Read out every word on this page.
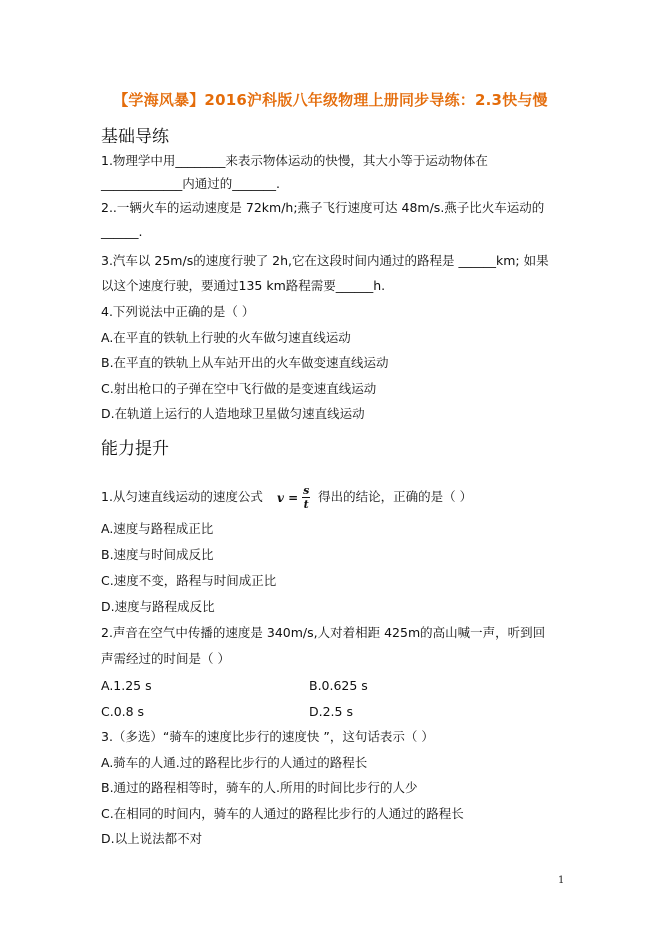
【学海风暴】2016沪科版八年级物理上册同步导练：2.3快与慢
基础导练
1.物理学中用________来表示物体运动的快慢，其大小等于运动物体在
_____________内通过的_______.
2..一辆火车的运动速度是 72km/h;燕子飞行速度可达 48m/s.燕子比火车运动的
______.
3.汽车以 25m/s的速度行驶了 2h,它在这段时间内通过的路程是 ______km; 如果
以这个速度行驶，要通过135 km路程需要______h.
4.下列说法中正确的是（ ）
A.在平直的铁轨上行驶的火车做匀速直线运动
B.在平直的铁轨上从车站开出的火车做变速直线运动
C.射出枪口的子弹在空中飞行做的是变速直线运动
D.在轨道上运行的人造地球卫星做匀速直线运动
能力提升
1.从匀速直线运动的速度公式 v
= $\frac{s}{t}$ 得出的结论，正确的是（ ）
A.速度与路程成正比
B.速度与时间成反比
C.速度不变，路程与时间成正比
D.速度与路程成反比
2.声音在空气中传播的速度是 340m/s,人对着相距 425m的高山喊一声，听到回
声需经过的时间是（ ）
A.1.25 s	B.0.625 s
C.0.8 s	D.2.5 s
3.（多选）“骑车的速度比步行的速度快 ”，这句话表示（ ）
A.骑车的人通.过的路程比步行的人通过的路程长
B.通过的路程相等时，骑车的人.所用的时间比步行的人少
C.在相同的时间内，骑车的人通过的路程比步行的人通过的路程长
D.以上说法都不对
1
